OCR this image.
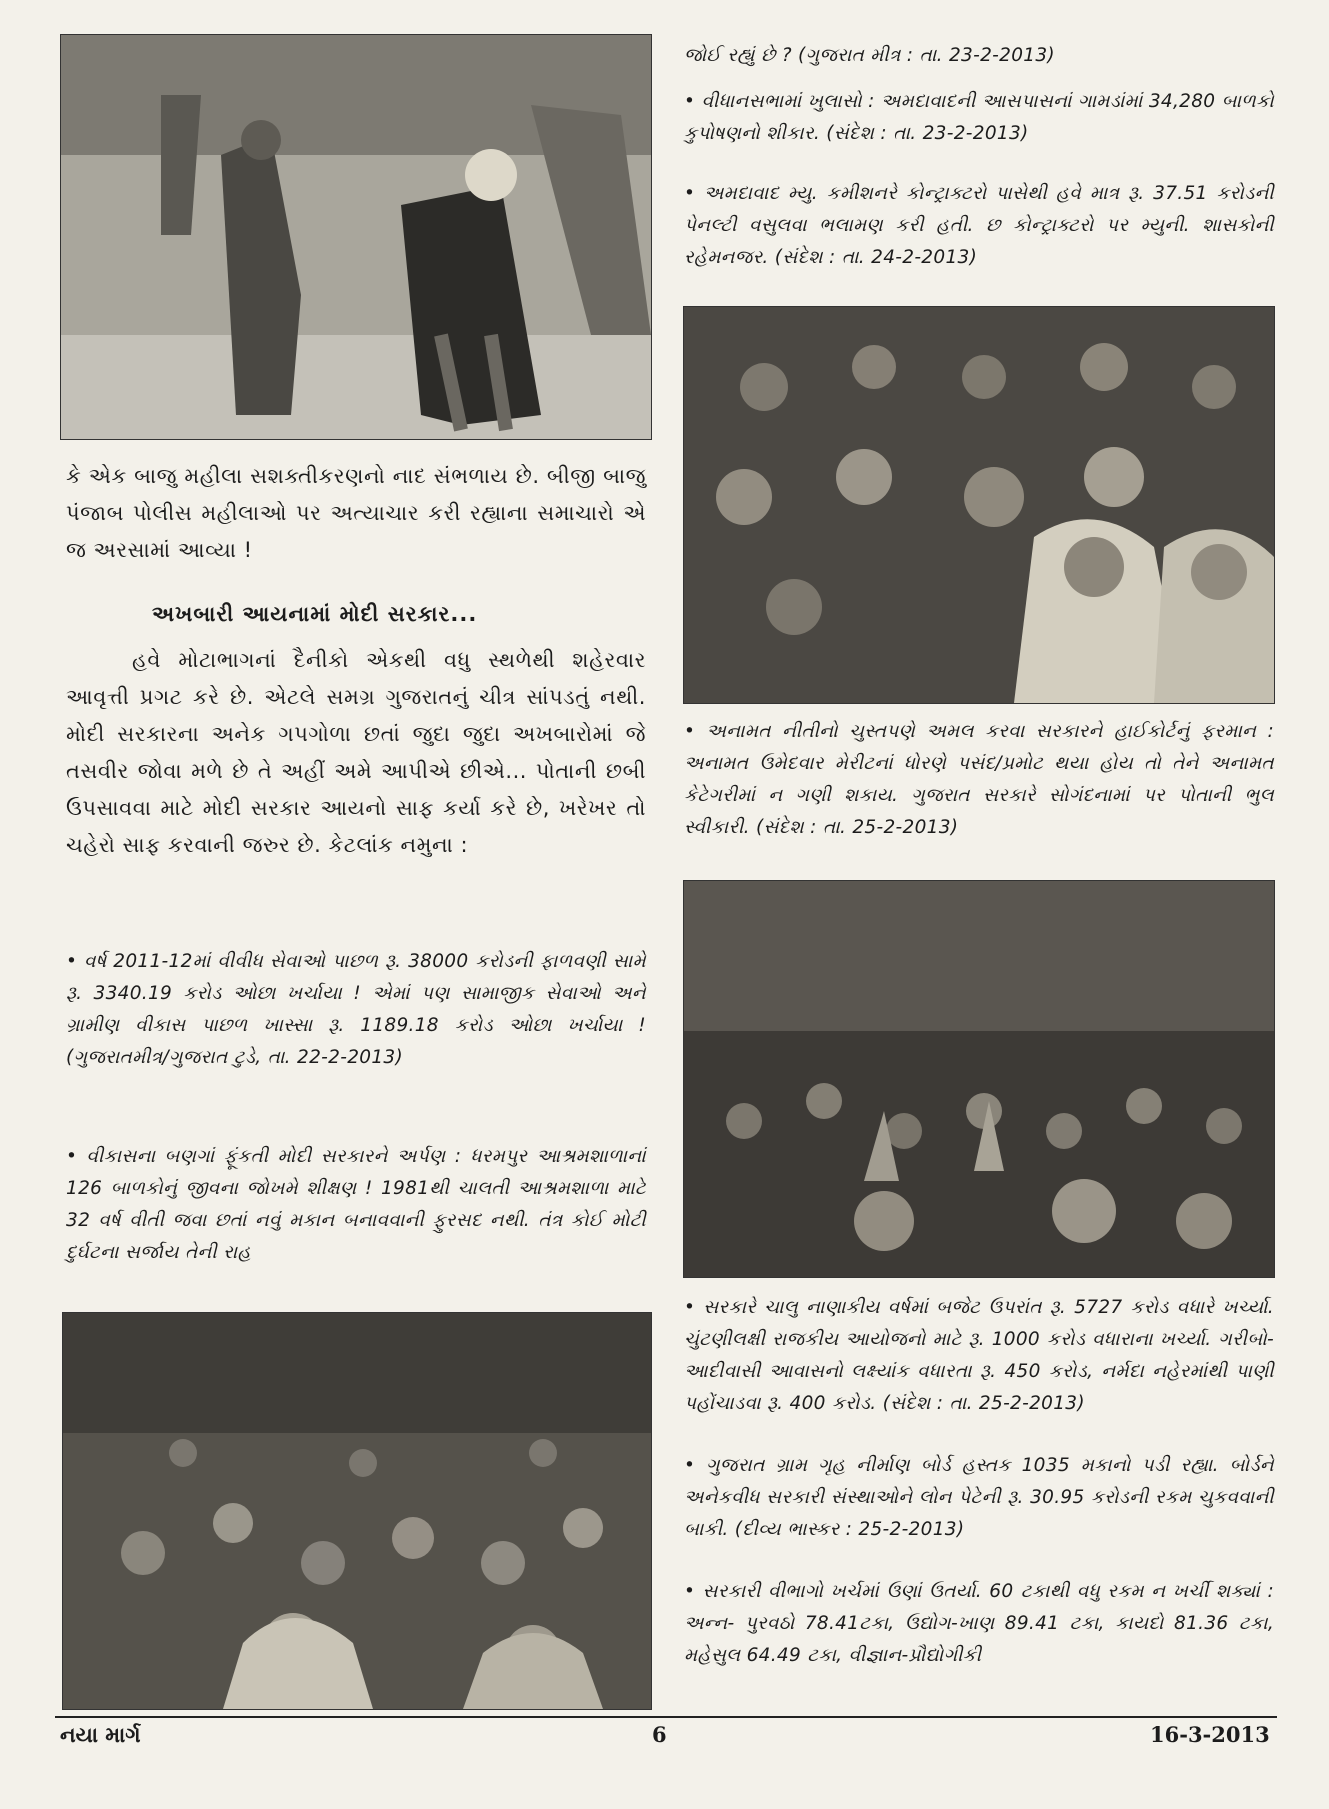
કે એક બાજુ મહીલા સશક્તીકરણનો નાદ સંભળાય છે. બીજી બાજુ પંજાબ પોલીસ મહીલાઓ પર અત્યાચાર કરી રહ્યાના સમાચારો એ જ અરસામાં આવ્યા !
અખબારી આયનામાં મોદી સરકાર...
હવે મોટાભાગનાં દૈનીકો એકથી વધુ સ્થળેથી શહેરવાર આવૃત્તી પ્રગટ કરે છે. એટલે સમગ્ર ગુજરાતનું ચીત્ર સાંપડતું નથી. મોદી સરકારના અનેક ગપગોળા છતાં જુદા જુદા અખબારોમાં જે તસવીર જોવા મળે છે તે અહીં અમે આપીએ છીએ... પોતાની છબી ઉપસાવવા માટે મોદી સરકાર આયનો સાફ કર્યા કરે છે, ખરેખર તો ચહેરો સાફ કરવાની જરુર છે. કેટલાંક નમુના :
• વર્ષ 2011-12માં વીવીધ સેવાઓ પાછળ રૂ. 38000 કરોડની ફાળવણી સામે રૂ. 3340.19 કરોડ ઓછા ખર્ચાયા ! એમાં પણ સામાજીક સેવાઓ અને ગ્રામીણ વીકાસ પાછળ ખાસ્સા રૂ. 1189.18 કરોડ ઓછા ખર્ચાયા ! (ગુજરાતમીત્ર/ગુજરાત ટુડે, તા. 22-2-2013)
• વીકાસના બણગાં ફૂંકતી મોદી સરકારને અર્પણ : ધરમપુર આશ્રમશાળાનાં 126 બાળકોનું જીવના જોખમે શીક્ષણ ! 1981થી ચાલતી આશ્રમશાળા માટે 32 વર્ષ વીતી જવા છતાં નવું મકાન બનાવવાની ફુરસદ નથી. તંત્ર કોઈ મોટી દુર્ઘટના સર્જાય તેની રાહ
જોઈ રહ્યું છે ? (ગુજરાત મીત્ર : તા. 23-2-2013)
• વીધાનસભામાં ખુલાસો : અમદાવાદની આસપાસનાં ગામડાંમાં 34,280 બાળકો કુપોષણનો શીકાર. (સંદેશ : તા. 23-2-2013)
• અમદાવાદ મ્યુ. કમીશનરે કોન્ટ્રાક્ટરો પાસેથી હવે માત્ર રૂ. 37.51 કરોડની પેનલ્ટી વસુલવા ભલામણ કરી હતી. છ કોન્ટ્રાક્ટરો પર મ્યુની. શાસકોની રહેમનજર. (સંદેશ : તા. 24-2-2013)
• અનામત નીતીનો ચુસ્તપણે અમલ કરવા સરકારને હાઈકોર્ટનું ફરમાન : અનામત ઉમેદવાર મેરીટનાં ધોરણે પસંદ/પ્રમોટ થયા હોય તો તેને અનામત કેટેગરીમાં ન ગણી શકાય. ગુજરાત સરકારે સોગંદનામાં પર પોતાની ભુલ સ્વીકારી. (સંદેશ : તા. 25-2-2013)
• સરકારે ચાલુ નાણાકીય વર્ષમાં બજેટ ઉપરાંત રૂ. 5727 કરોડ વધારે ખર્ચ્યા. ચુંટણીલક્ષી રાજકીય આયોજનો માટે રૂ. 1000 કરોડ વધારાના ખર્ચ્યા. ગરીબો-આદીવાસી આવાસનો લક્ષ્યાંક વધારતા રૂ. 450 કરોડ, નર્મદા નહેરમાંથી પાણી પહોંચાડવા રૂ. 400 કરોડ. (સંદેશ : તા. 25-2-2013)
• ગુજરાત ગ્રામ ગૃહ નીર્માણ બોર્ડ હસ્તક 1035 મકાનો પડી રહ્યા. બોર્ડને અનેકવીધ સરકારી સંસ્થાઓને લોન પેટેની રૂ. 30.95 કરોડની રકમ ચુકવવાની બાકી. (દીવ્ય ભાસ્કર : 25-2-2013)
• સરકારી વીભાગો ખર્ચમાં ઉણાં ઉતર્યા. 60 ટકાથી વધુ રકમ ન ખર્ચી શક્યાં : અન્ન- પુરવઠો 78.41ટકા, ઉદ્યોગ-ખાણ 89.41 ટકા, કાયદો 81.36 ટકા, મહેસુલ 64.49 ટકા, વીજ્ઞાન-પ્રૌદ્યોગીકી
નયા માર્ગ	6	16-3-2013
